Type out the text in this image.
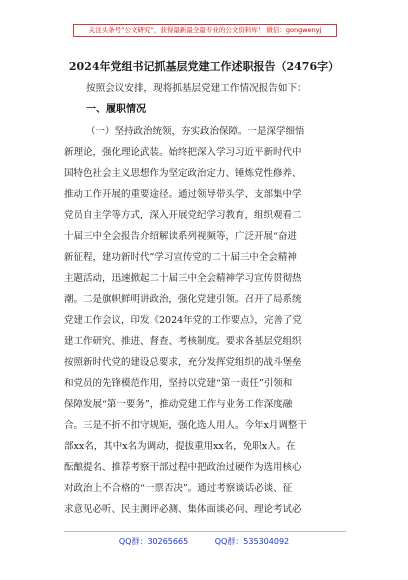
关注头条号“公文研究”，获得最新最全最专业的公文资料库！ 微信：gongwenyj
2024年党组书记抓基层党建工作述职报告（2476字）
按照会议安排，现将抓基层党建工作情况报告如下：
一、履职情况
（一）坚持政治统领，夯实政治保障。一是深学细悟
新理论，强化理论武装。始终把深入学习习近平新时代中
国特色社会主义思想作为坚定政治定力、锤炼党性修养、
推动工作开展的重要途径。通过领导带头学、支部集中学
党员自主学等方式，深入开展党纪学习教育，组织观看二
十届三中全会报告介绍解读系列视频等，广泛开展“奋进
新征程，建功新时代”学习宣传党的二十届三中全会精神
主题活动，迅速掀起二十届三中全会精神学习宣传贯彻热
潮。二是旗帜鲜明讲政治，强化党建引领。召开了局系统
党建工作会议，印发《2024年党的工作要点》，完善了党
建工作研究、推进、督查、考核制度。要求各基层党组织
按照新时代党的建设总要求，充分发挥党组织的战斗堡垒
和党员的先锋模范作用，坚持以党建“第一责任”引领和
保障发展“第一要务”，推动党建工作与业务工作深度融
合。三是不折不扣守规矩，强化选人用人。今年x月调整干
部xx名，其中x名为调动，提拔重用xx名，免职x人。在
酝酿提名、推荐考察干部过程中把政治过硬作为选用核心
对政治上不合格的“一票否决”。通过考察谈话必谈、征
求意见必听、民主测评必测、集体面谈必问、理论考试必
QQ群：30265665	QQ群：535304092
